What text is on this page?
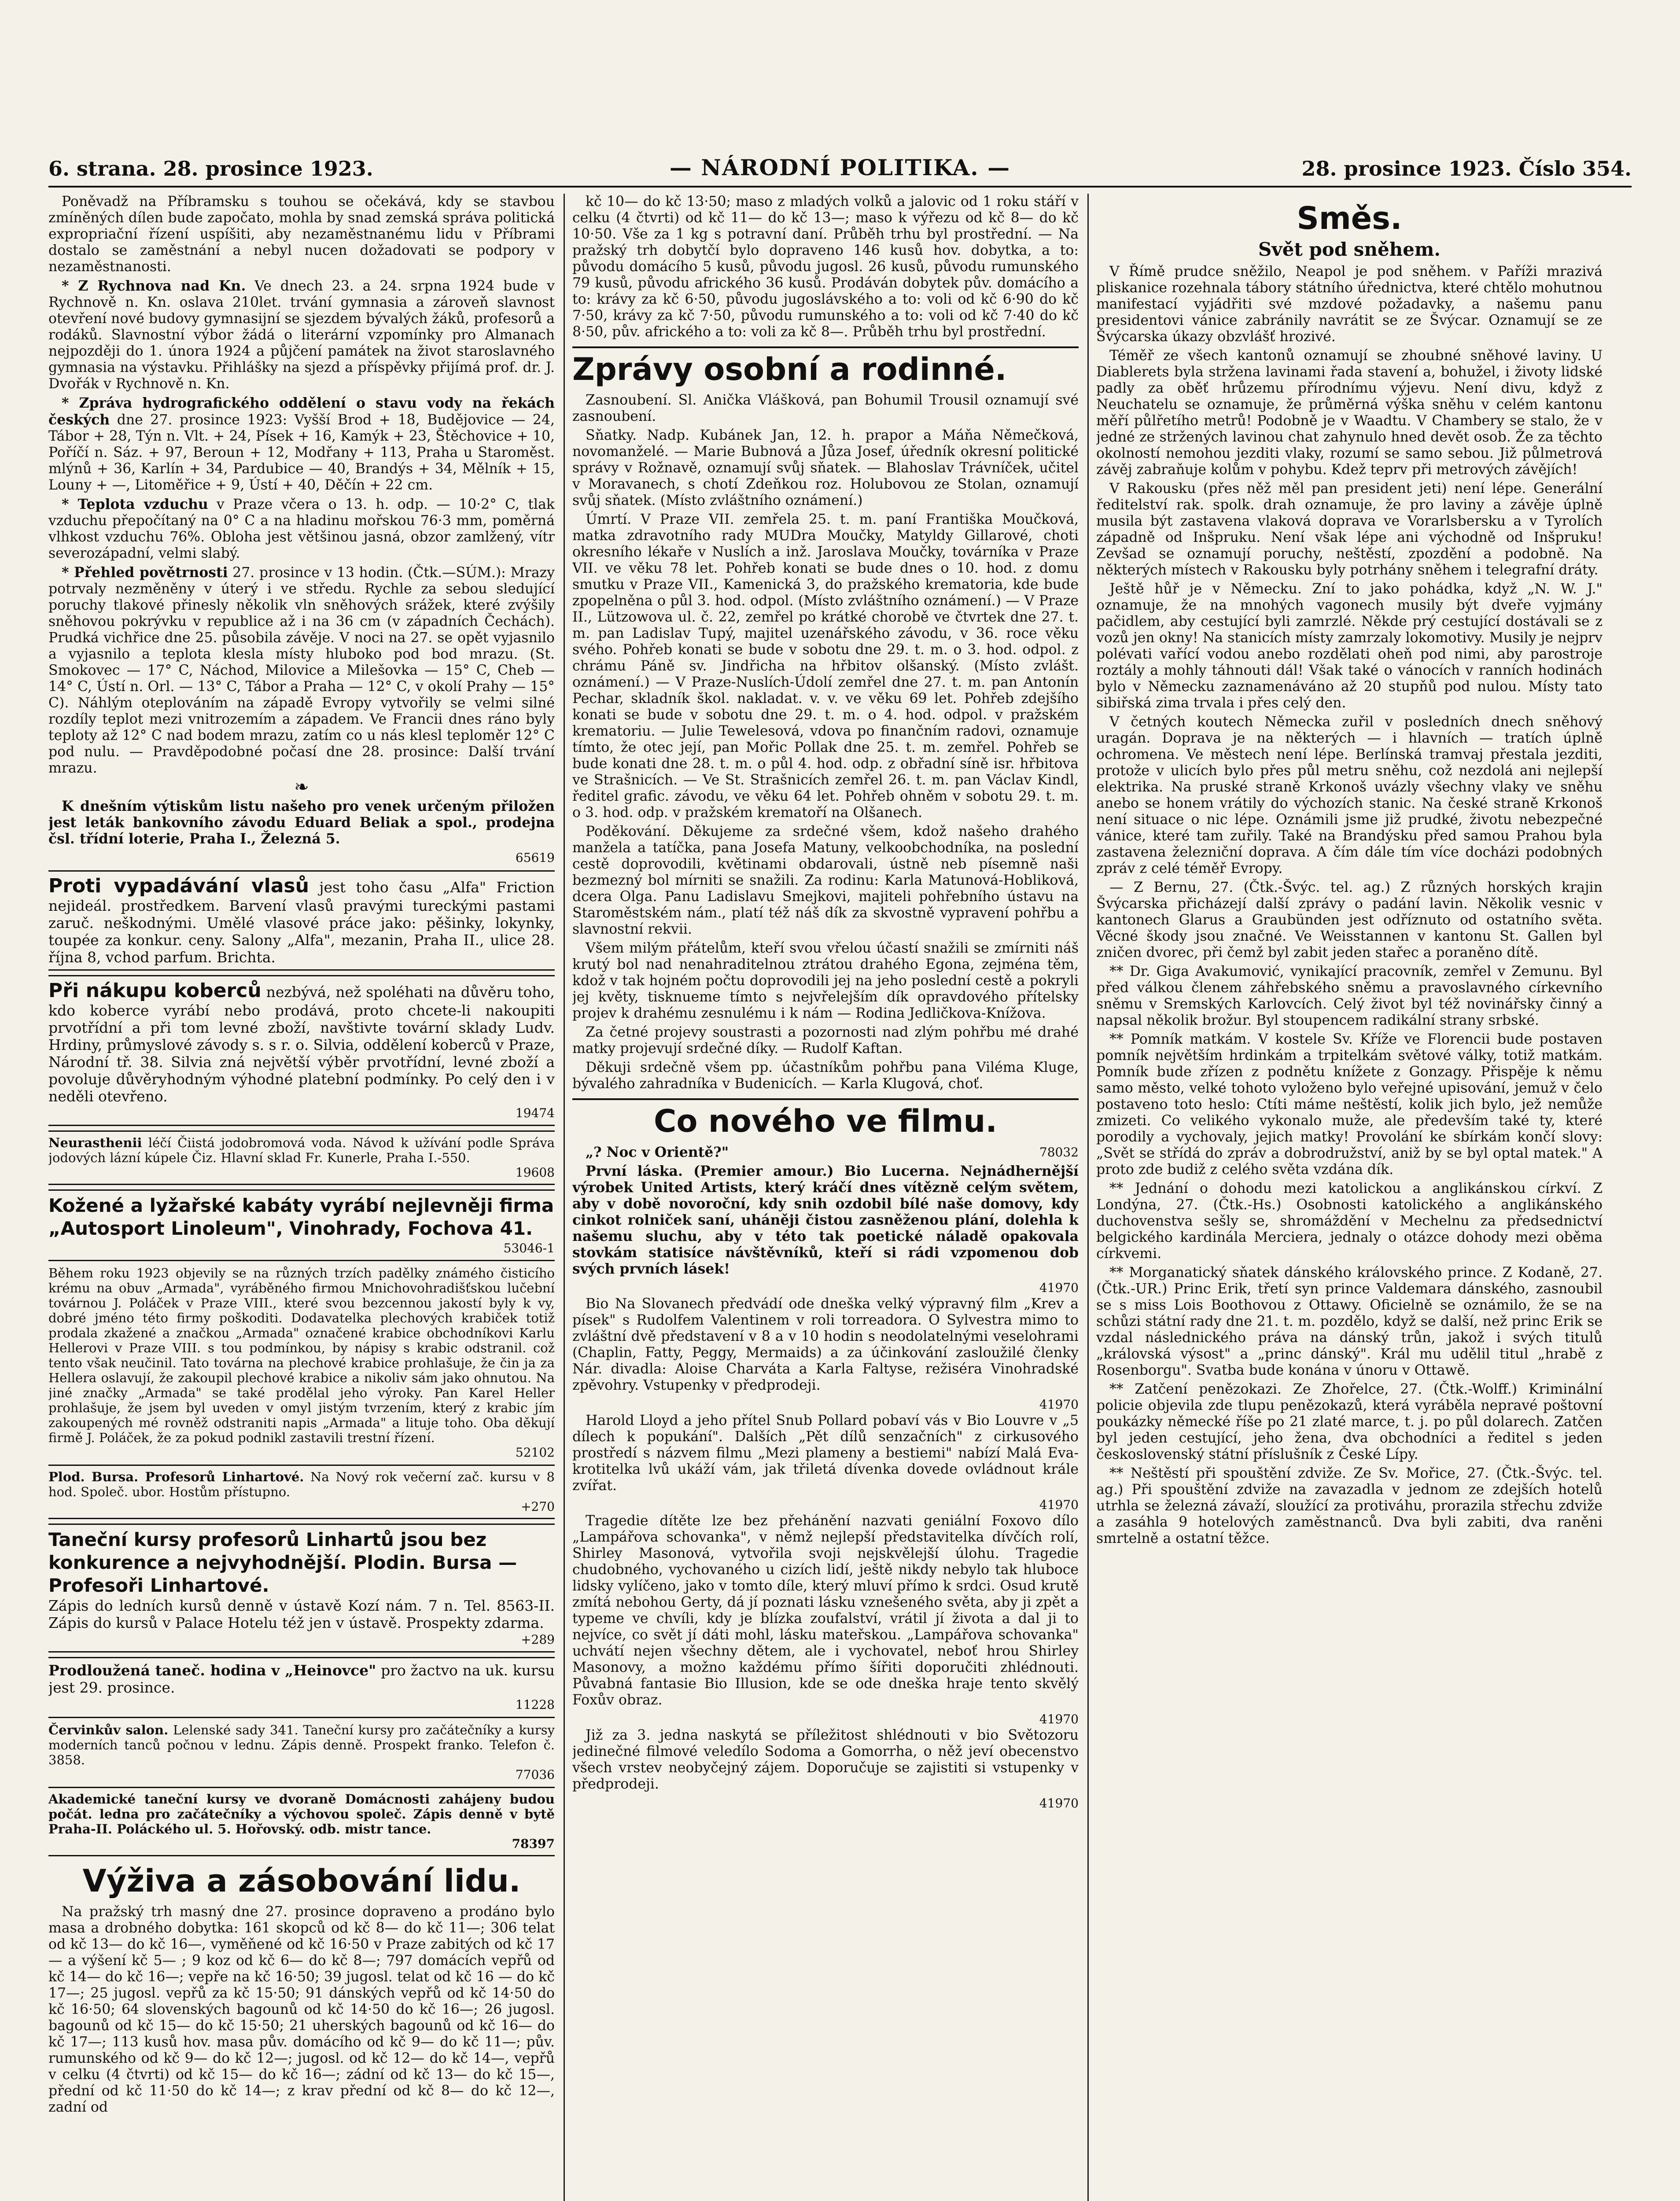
6. strana. 28. prosince 1923.	— NÁRODNÍ POLITIKA. —	28. prosince 1923. Číslo 354.

Poněvadž na Příbramsku s touhou se očekává, kdy se stavbou zmíněných dílen bude započato, mohla by snad zemská správa politická expropriační řízení uspíšiti, aby nezaměstnanému lidu v Příbrami dostalo se zaměstnání a nebyl nucen dožadovati se podpory v nezaměstnanosti.

* Z Rychnova nad Kn. Ve dnech 23. a 24. srpna 1924 bude v Rychnově n. Kn. oslava 210let. trvání gymnasia a zároveň slavnost otevření nové budovy gymnasijní se sjezdem bývalých žáků, profesorů a rodáků. Slavnostní výbor žádá o literární vzpomínky pro Almanach nejpozději do 1. února 1924 a půjčení památek na život staroslavného gymnasia na výstavku. Přihlášky na sjezd a příspěvky přijímá prof. dr. J. Dvořák v Rychnově n. Kn.

* Zpráva hydrografického oddělení o stavu vody na řekách českých dne 27. prosince 1923: Vyšší Brod + 18, Budějovice — 24, Tábor + 28, Týn n. Vlt. + 24, Písek + 16, Kamýk + 23, Štěchovice + 10, Poříčí n. Sáz. + 97, Beroun + 12, Modřany + 113, Praha u Staroměst. mlýnů + 36, Karlín + 34, Pardubice — 40, Brandýs + 34, Mělník + 15, Louny + —, Litoměřice + 9, Ústí + 40, Děčín + 22 cm.

* Teplota vzduchu v Praze včera o 13. h. odp. — 10·2° C, tlak vzduchu přepočítaný na 0° C a na hladinu mořskou 76·3 mm, poměrná vlhkost vzduchu 76%. Obloha jest většinou jasná, obzor zamlžený, vítr severozápadní, velmi slabý.

* Přehled povětrnosti 27. prosince v 13 hodin. (Čtk.—SÚM.): Mrazy potrvaly nezměněny v úterý i ve středu. Rychle za sebou sledující poruchy tlakové přinesly několik vln sněhových srážek, které zvýšily sněhovou pokrývku v republice až i na 36 cm (v západních Čechách). Prudká vichřice dne 25. působila závěje. V noci na 27. se opět vyjasnilo a vyjasnilo a teplota klesla místy hluboko pod bod mrazu. (St. Smokovec — 17° C, Náchod, Milovice a Milešovka — 15° C, Cheb — 14° C, Ústí n. Orl. — 13° C, Tábor a Praha — 12° C, v okolí Prahy — 15° C). Náhlým oteplováním na západě Evropy vytvořily se velmi silné rozdíly teplot mezi vnitrozemím a západem. Ve Francii dnes ráno byly teploty až 12° C nad bodem mrazu, zatím co u nás klesl teploměr 12° C pod nulu. — Pravděpodobné počasí dne 28. prosince: Další trvání mrazu.

❧

K dnešním výtiskům listu našeho pro venek určeným přiložen jest leták bankovního závodu Eduard Beliak a spol., prodejna čsl. třídní loterie, Praha I., Železná 5.

65619
Proti vypadávání vlasů jest toho času „Alfa" Friction nejideál. prostředkem. Barvení vlasů pravými tureckými pastami zaruč. neškodnými. Umělé vlasové práce jako: pěšinky, lokynky, toupée za konkur. ceny. Salony „Alfa", mezanin, Praha II., ulice 28. října 8, vchod parfum. Brichta.
Při nákupu koberců nezbývá, než spoléhati na důvěru toho, kdo koberce vyrábí nebo prodává, proto chcete-li nakoupiti prvotřídní a při tom levné zboží, navštivte tovární sklady Ludv. Hrdiny, průmyslové závody s. s r. o. Silvia, oddělení koberců v Praze, Národní tř. 38. Silvia zná největší výběr prvotřídní, levné zboží a povoluje důvěryhodným výhodné platební podmínky. Po celý den i v neděli otevřeno.
19474
Neurasthenii léčí Čiistá jodobromová voda. Návod k užívání podle Správa jodových lázní kúpele Čiz. Hlavní sklad Fr. Kunerle, Praha I.-550.
19608
Kožené a lyžařské kabáty vyrábí nejlevněji firma „Autosport Linoleum", Vinohrady, Fochova 41.
53046-1
Během roku 1923 objevily se na různých trzích padělky známého čisticího krému na obuv „Armada", vyráběného firmou Mnichovohradišťskou lučební továrnou J. Poláček v Praze VIII., které svou bezcennou jakostí byly k vy, dobré jméno této firmy poškoditi. Dodavatelka plechových krabiček totiž prodala zkažené a značkou „Armada" označené krabice obchodníkovi Karlu Hellerovi v Praze VIII. s tou podmínkou, by nápisy s krabic odstranil. což tento však neučinil. Tato továrna na plechové krabice prohlašuje, že čin ja za Hellera oslavují, že zakoupil plechové krabice a nikoliv sám jako ohnutou. Na jiné značky „Armada" se také prodělal jeho výroky. Pan Karel Heller prohlašuje, že jsem byl uveden v omyl jistým tvrzením, který z krabic jím zakoupených mé rovněž odstraniti napis „Armada" a lituje toho. Oba děkují firmě J. Poláček, že za pokud podnikl zastavili trestní řízení.
52102
Plod. Bursa. Profesorů Linhartové. Na Nový rok večerní zač. kursu v 8 hod. Společ. ubor. Hostům přístupno.
+270
Taneční kursy profesorů Linhartů jsou bez konkurence a nejvyhodnější. Plodin. Bursa — Profesoři Linhartové.
Zápis do ledních kursů denně v ústavě Kozí nám. 7 n. Tel. 8563-II. Zápis do kursů v Palace Hotelu též jen v ústavě. Prospekty zdarma.
+289
Prodloužená taneč. hodina v „Heinovce" pro žactvo na uk. kursu jest 29. prosince.
11228
Červinkův salon. Lelenské sady 341. Taneční kursy pro začátečníky a kursy moderních tanců počnou v lednu. Zápis denně. Prospekt franko. Telefon č. 3858.
77036
Akademické taneční kursy ve dvoraně Domácnosti zahájeny budou počát. ledna pro začátečníky a výchovou společ. Zápis denně v bytě Praha-II. Poláckého ul. 5. Hořovský. odb. mistr tance.
78397
Výživa a zásobování lidu.

Na pražský trh masný dne 27. prosince dopraveno a prodáno bylo masa a drobného dobytka: 161 skopců od kč 8— do kč 11—; 306 telat od kč 13— do kč 16—, vyměňené od kč 16·50 v Praze zabitých od kč 17— a výšení kč 5— ; 9 koz od kč 6— do kč 8—; 797 domácích vepřů od kč 14— do kč 16—; vepře na kč 16·50; 39 jugosl. telat od kč 16 — do kč 17—; 25 jugosl. vepřů za kč 15·50; 91 dánských vepřů od kč 14·50 do kč 16·50; 64 slovenských bagounů od kč 14·50 do kč 16—; 26 jugosl. bagounů od kč 15— do kč 15·50; 21 uherských bagounů od kč 16— do kč 17—; 113 kusů hov. masa pův. domácího od kč 9— do kč 11—; pův. rumunského od kč 9— do kč 12—; jugosl. od kč 12— do kč 14—, vepřů v celku (4 čtvrti) od kč 15— do kč 16—; zádní od kč 13— do kč 15—, přední od kč 11·50 do kč 14—; z krav přední od kč 8— do kč 12—, zadní od

kč 10— do kč 13·50; maso z mladých volků a jalovic od 1 roku stáří v celku (4 čtvrti) od kč 11— do kč 13—; maso k výřezu od kč 8— do kč 10·50. Vše za 1 kg s potravní daní. Průběh trhu byl prostřední. — Na pražský trh dobytčí bylo dopraveno 146 kusů hov. dobytka, a to: původu domácího 5 kusů, původu jugosl. 26 kusů, původu rumunského 79 kusů, původu afrického 36 kusů. Prodáván dobytek pův. domácího a to: krávy za kč 6·50, původu jugoslávského a to: voli od kč 6·90 do kč 7·50, krávy za kč 7·50, původu rumunského a to: voli od kč 7·40 do kč 8·50, pův. afrického a to: voli za kč 8—. Průběh trhu byl prostřední.

Zprávy osobní a rodinné.

Zasnoubení. Sl. Anička Vlášková, pan Bohumil Trousil oznamují své zasnoubení.

Sňatky. Nadp. Kubánek Jan, 12. h. prapor a Máňa Němečková, novomanželé. — Marie Bubnová a Jůza Josef, úředník okresní politické správy v Rožnavě, oznamují svůj sňatek. — Blahoslav Trávníček, učitel v Moravanech, s chotí Zdeňkou roz. Holubovou ze Stolan, oznamují svůj sňatek. (Místo zvláštního oznámení.)

Úmrtí. V Praze VII. zemřela 25. t. m. paní Františka Moučková, matka zdravotního rady MUDra Moučky, Matyldy Gillarové, choti okresního lékaře v Nuslích a inž. Jaroslava Moučky, továrníka v Praze VII. ve věku 78 let. Pohřeb konati se bude dnes o 10. hod. z domu smutku v Praze VII., Kamenická 3, do pražského krematoria, kde bude zpopelněna o půl 3. hod. odpol. (Místo zvláštního oznámení.) — V Praze II., Lützowova ul. č. 22, zemřel po krátké chorobě ve čtvrtek dne 27. t. m. pan Ladislav Tupý, majitel uzenářského závodu, v 36. roce věku svého. Pohřeb konati se bude v sobotu dne 29. t. m. o 3. hod. odpol. z chrámu Páně sv. Jindřicha na hřbitov olšanský. (Místo zvlášt. oznámení.) — V Praze-Nuslích-Údolí zemřel dne 27. t. m. pan Antonín Pechar, skladník škol. nakladat. v. v. ve věku 69 let. Pohřeb zdejšího konati se bude v sobotu dne 29. t. m. o 4. hod. odpol. v pražském krematoriu. — Julie Tewelesová, vdova po finančním radovi, oznamuje tímto, že otec její, pan Mořic Pollak dne 25. t. m. zemřel. Pohřeb se bude konati dne 28. t. m. o půl 4. hod. odp. z obřadní síně isr. hřbitova ve Strašnicích. — Ve St. Strašnicích zemřel 26. t. m. pan Václav Kindl, ředitel grafic. závodu, ve věku 64 let. Pohřeb ohněm v sobotu 29. t. m. o 3. hod. odp. v pražském krematoří na Olšanech.

Poděkování. Děkujeme za srdečné všem, kdož našeho drahého manžela a tatíčka, pana Josefa Matuny, velkoobchodníka, na poslední cestě doprovodili, květinami obdarovali, ústně neb písemně naši bezmezný bol mírniti se snažili. Za rodinu: Karla Matunová-Hobliková, dcera Olga. Panu Ladislavu Smejkovi, majiteli pohřebního ústavu na Staroměstském nám., platí též náš dík za skvostně vypravení pohřbu a slavnostní rekvii.

Všem milým přátelům, kteří svou vřelou účastí snažili se zmírniti náš krutý bol nad nenahraditelnou ztrátou drahého Egona, zejména těm, kdož v tak hojném počtu doprovodili jej na jeho poslední cestě a pokryli jej květy, tisknueme tímto s nejvřelejším dík opravdového přítelsky projev k drahému zesnulému i k nám — Rodina Jedličkova-Knížova.

Za četné projevy soustrasti a pozornosti nad zlým pohřbu mé drahé matky projevují srdečné díky. — Rudolf Kaftan.

Děkuji srdečně všem pp. účastníkům pohřbu pana Viléma Kluge, bývalého zahradníka v Budenicích. — Karla Klugová, choť.

Co nového ve filmu.

„? Noc v Orientě?"	78032

První láska. (Premier amour.) Bio Lucerna. Nejnádhernější výrobek United Artists, který kráčí dnes vítězně celým světem, aby v době novoroční, kdy snih ozdobil bílé naše domovy, kdy cinkot rolniček saní, uháněji čistou zasněženou plání, dolehla k našemu sluchu, aby v této tak poetické náladě opakovala stovkám statisíce návštěvníků, kteří si rádi vzpomenou dob svých prvních lásek!

41970

Bio Na Slovanech předvádí ode dneška velký výpravný film „Krev a písek" s Rudolfem Valentinem v roli torreadora. O Sylvestra mimo to zvláštní dvě představení v 8 a v 10 hodin s neodolatelnými veselohrami (Chaplin, Fatty, Peggy, Mermaids) a za účinkování zasloužilé členky Nár. divadla: Aloise Charváta a Karla Faltyse, režiséra Vinohradské zpěvohry. Vstupenky v předprodeji.

41970

Harold Lloyd a jeho přítel Snub Pollard pobaví vás v Bio Louvre v „5 dílech k popukání". Dalších „Pět dílů senzačních" z cirkusového prostředí s názvem filmu „Mezi plameny a bestiemi" nabízí Malá Eva-krotitelka lvů ukáží vám, jak třiletá dívenka dovede ovládnout krále zvířat.

41970

Tragedie dítěte lze bez přehánění nazvati geniální Foxovo dílo „Lampářova schovanka", v němž nejlepší představitelka dívčích rolí, Shirley Masonová, vytvořila svoji nejskvělejší úlohu. Tragedie chudobného, vychovaného u cizích lidí, ještě nikdy nebylo tak hluboce lidsky vylíčeno, jako v tomto díle, který mluví přímo k srdci. Osud krutě zmítá nebohou Gerty, dá jí poznati lásku vznešeného světa, aby ji zpět a typeme ve chvíli, kdy je blízka zoufalství, vrátil jí života a dal ji to nejvíce, co svět jí dáti mohl, lásku mateřskou. „Lampářova schovanka" uchvátí nejen všechny dětem, ale i vychovatel, neboť hrou Shirley Masonovy, a možno každému přímo šířiti doporučiti zhlédnouti. Půvabná fantasie Bio Illusion, kde se ode dneška hraje tento skvělý Foxův obraz.

41970

Již za 3. jedna naskytá se příležitost shlédnouti v bio Světozoru jedinečné filmové veledílo Sodoma a Gomorrha, o něž jeví obecenstvo všech vrstev neobyčejný zájem. Doporučuje se zajistiti si vstupenky v předprodeji.

41970
Směs.
Svět pod sněhem.

V Římě prudce sněžilo, Neapol je pod sněhem. v Paříži mrazivá pliskanice rozehnala tábory státního úřednictva, které chtělo mohutnou manifestací vyjádřiti své mzdové požadavky, a našemu panu presidentovi vánice zabránily navrátit se ze Švýcar. Oznamují se ze Švýcarska úkazy obzvlášť hrozivé.

Téměř ze všech kantonů oznamují se zhoubné sněhové laviny. U Diablerets byla stržena lavinami řada stavení a, bohužel, i životy lidské padly za oběť hrůzemu přírodnímu výjevu. Není divu, když z Neuchatelu se oznamuje, že průměrná výška sněhu v celém kantonu měří půlřetího metrů! Podobně je v Waadtu. V Chambery se stalo, že v jedné ze stržených lavinou chat zahynulo hned devět osob. Že za těchto okolností nemohou jezditi vlaky, rozumí se samo sebou. Již půlmetrová závěj zabraňuje kolům v pohybu. Kdež teprv při metrových závějích!

V Rakousku (přes něž měl pan president jeti) není lépe. Generální ředitelství rak. spolk. drah oznamuje, že pro laviny a závěje úplně musila být zastavena vlaková doprava ve Vorarlsbersku a v Tyrolích západně od Inšpruku. Není však lépe ani východně od Inšpruku! Zevšad se oznamují poruchy, neštěstí, zpozdění a podobně. Na některých místech v Rakousku byly potrhány sněhem i telegrafní dráty.

Ještě hůř je v Německu. Zní to jako pohádka, když „N. W. J." oznamuje, že na mnohých vagonech musily být dveře vyjmány pačidlem, aby cestující byli zamrzlé. Někde prý cestující dostávali se z vozů jen okny! Na stanicích místy zamrzaly lokomotivy. Musily je nejprv polévati vařící vodou anebo rozdělati oheň pod nimi, aby parostroje roztály a mohly táhnouti dál! Však také o vánocích v ranních hodinách bylo v Německu zaznamenáváno až 20 stupňů pod nulou. Místy tato sibiřská zima trvala i přes celý den.

V četných koutech Německa zuřil v posledních dnech sněhový uragán. Doprava je na některých — i hlavních — tratích úplně ochromena. Ve městech není lépe. Berlínská tramvaj přestala jezditi, protože v ulicích bylo přes půl metru sněhu, což nezdolá ani nejlepší elektrika. Na pruské straně Krkonoš uvázly všechny vlaky ve sněhu anebo se honem vrátily do výchozích stanic. Na české straně Krkonoš není situace o nic lépe. Oznámili jsme již prudké, životu nebezpečné vánice, které tam zuřily. Také na Brandýsku před samou Prahou byla zastavena železniční doprava. A čím dále tím více docházi podobných zpráv z celé téměř Evropy.

— Z Bernu, 27. (Čtk.-Švýc. tel. ag.) Z různých horských krajin Švýcarska přicházejí další zprávy o padání lavin. Několik vesnic v kantonech Glarus a Graubünden jest odříznuto od ostatního světa. Věcné škody jsou značné. Ve Weisstannen v kantonu St. Gallen byl zničen dvorec, při čemž byl zabit jeden stařec a poraněno dítě.

** Dr. Giga Avakumović, vynikající pracovník, zemřel v Zemunu. Byl před válkou členem záhřebského sněmu a pravoslavného církevního sněmu v Sremských Karlovcích. Celý život byl též novinářsky činný a napsal několik brožur. Byl stoupencem radikální strany srbské.

** Pomník matkám. V kostele Sv. Kříže ve Florencii bude postaven pomník největším hrdinkám a trpitelkám světové války, totiž matkám. Pomník bude zřízen z podnětu knížete z Gonzagy. Přispěje k němu samo město, velké tohoto vyloženo bylo veřejné upisování, jemuž v čelo postaveno toto heslo: Ctíti máme neštěstí, kolik jich bylo, jež nemůže zmizeti. Co velikého vykonalo muže, ale především také ty, které porodily a vychovaly, jejich matky! Provolání ke sbírkám končí slovy: „Svět se střídá do zpráv a dobrodružství, aniž by se byl optal matek." A proto zde budiž z celého světa vzdána dík.

** Jednání o dohodu mezi katolickou a anglikánskou církví. Z Londýna, 27. (Čtk.-Hs.) Osobnosti katolického a anglikánského duchovenstva sešly se, shromáždění v Mechelnu za předsednictví belgického kardinála Merciera, jednaly o otázce dohody mezi oběma církvemi.

** Morganatický sňatek dánského královského prince. Z Kodaně, 27. (Čtk.-UR.) Princ Erik, třetí syn prince Valdemara dánského, zasnoubil se s miss Lois Boothovou z Ottawy. Oficielně se oznámilo, že se na schůzi státní rady dne 21. t. m. pozdělo, když se další, než princ Erik se vzdal následnického práva na dánský trůn, jakož i svých titulů „královská výsost" a „princ dánský". Král mu udělil titul „hrabě z Rosenborgu". Svatba bude konána v únoru v Ottawě.

** Zatčení penězokazi. Ze Zhořelce, 27. (Čtk.-Wolff.) Kriminální policie objevila zde tlupu penězokazů, která vyráběla nepravé poštovní poukázky německé říše po 21 zlaté marce, t. j. po půl dolarech. Zatčen byl jeden cestující, jeho žena, dva obchodníci a ředitel s jeden československý státní příslušník z České Lípy.

** Neštěstí při spouštění zdviže. Ze Sv. Mořice, 27. (Čtk.-Švýc. tel. ag.) Při spouštění zdviže na zavazadla v jednom ze zdejších hotelů utrhla se železná závaží, sloužící za protiváhu, prorazila střechu zdviže a zasáhla 9 hotelových zaměstnanců. Dva byli zabiti, dva raněni smrtelně a ostatní těžce.
